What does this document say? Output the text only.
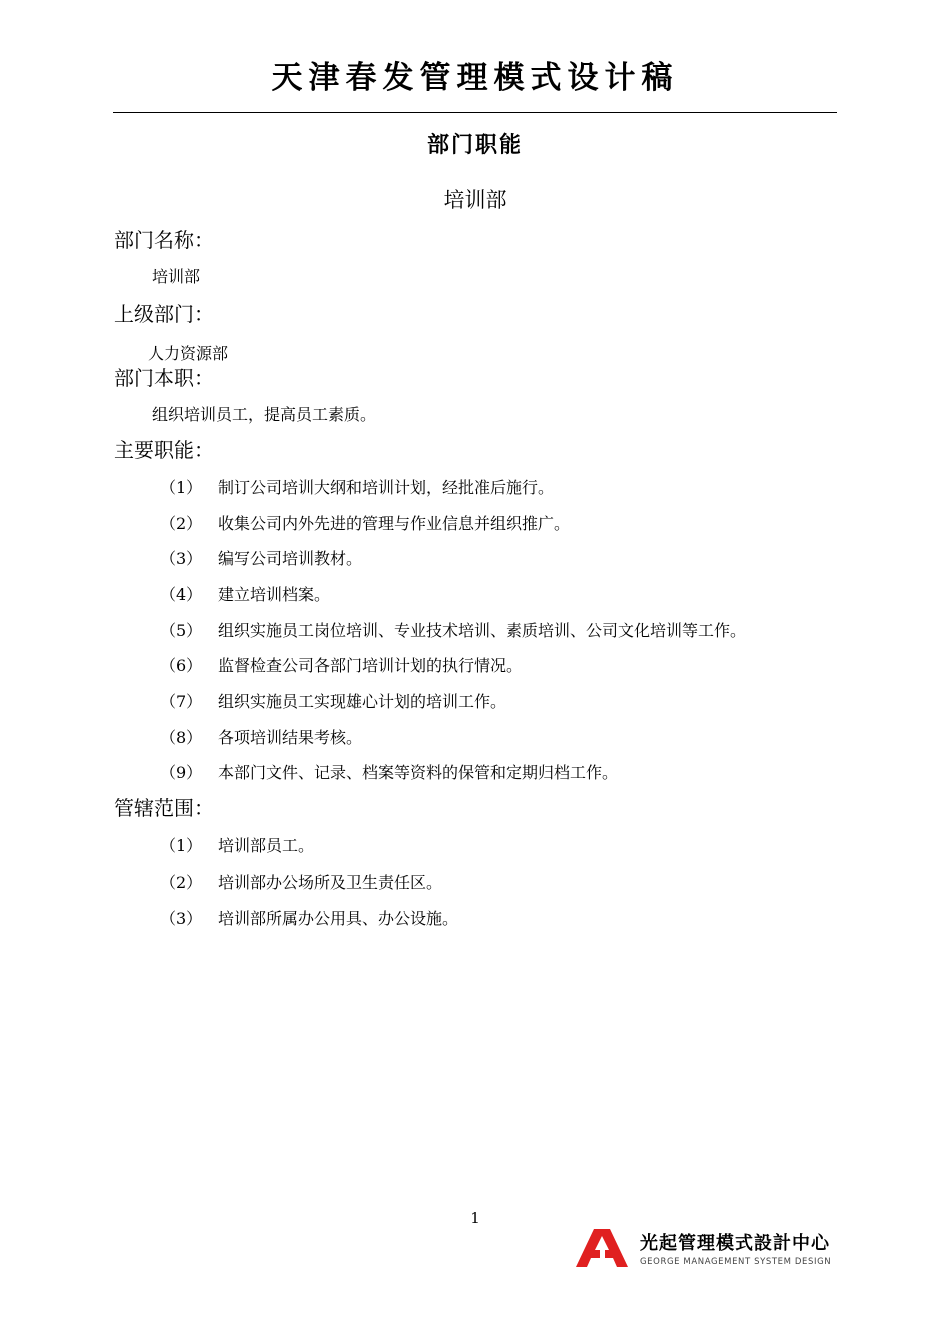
天津春发管理模式设计稿
部门职能
培训部
部门名称：
培训部
上级部门：
人力资源部
部门本职：
组织培训员工，提高员工素质。
主要职能：
（1） 制订公司培训大纲和培训计划，经批准后施行。
（2） 收集公司内外先进的管理与作业信息并组织推广。
（3） 编写公司培训教材。
（4） 建立培训档案。
（5） 组织实施员工岗位培训、专业技术培训、素质培训、公司文化培训等工作。
（6） 监督检查公司各部门培训计划的执行情况。
（7） 组织实施员工实现雄心计划的培训工作。
（8） 各项培训结果考核。
（9） 本部门文件、记录、档案等资料的保管和定期归档工作。
管辖范围：
（1） 培训部员工。
（2） 培训部办公场所及卫生责任区。
（3） 培训部所属办公用具、办公设施。
1
光起管理模式設計中心
GEORGE MANAGEMENT SYSTEM DESIGN
